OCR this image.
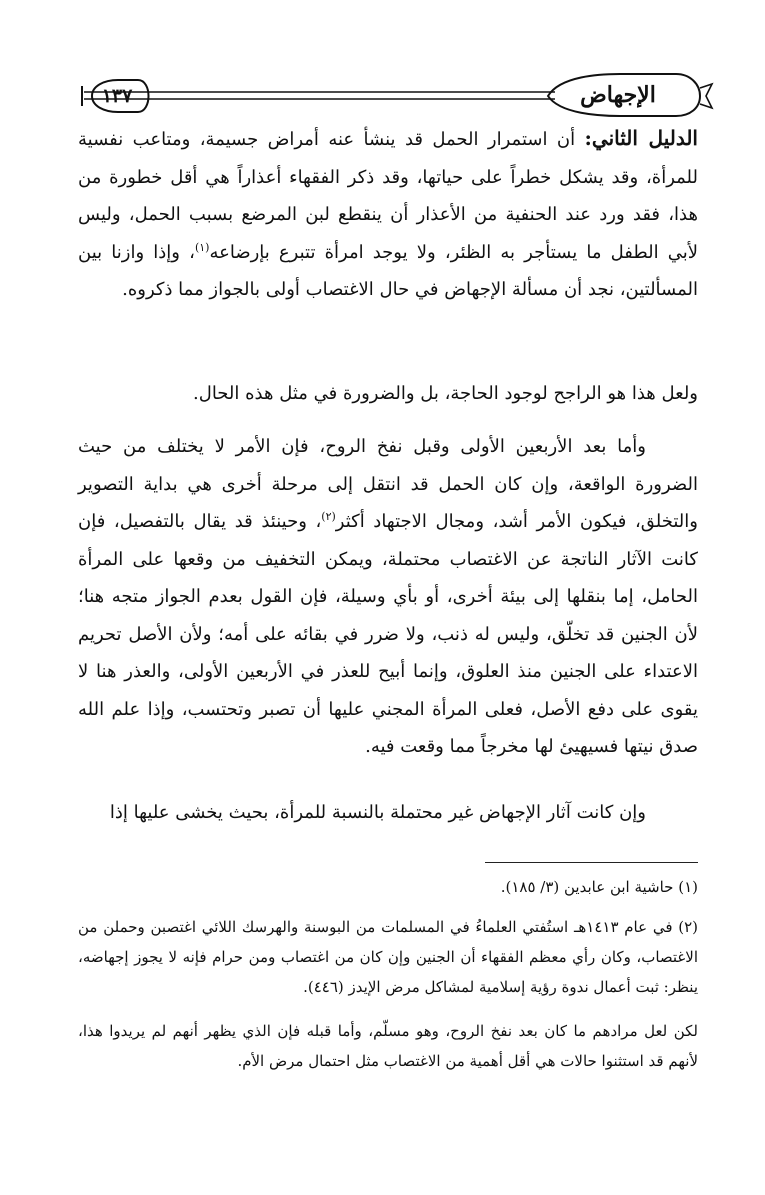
الإجهاض
١٣٧

الدليل الثاني: أن استمرار الحمل قد ينشأ عنه أمراض جسيمة، ومتاعب نفسية للمرأة، وقد يشكل خطراً على حياتها، وقد ذكر الفقهاء أعذاراً هي أقل خطورة من هذا، فقد ورد عند الحنفية من الأعذار أن ينقطع لبن المرضع بسبب الحمل، وليس لأبي الطفل ما يستأجر به الظئر، ولا يوجد امرأة تتبرع بإرضاعه$^{(١)}$، وإذا وازنا بين المسألتين، نجد أن مسألة الإجهاض في حال الاغتصاب أولى بالجواز مما ذكروه.

ولعل هذا هو الراجح لوجود الحاجة، بل والضرورة في مثل هذه الحال.

وأما بعد الأربعين الأولى وقبل نفخ الروح، فإن الأمر لا يختلف من حيث الضرورة الواقعة، وإن كان الحمل قد انتقل إلى مرحلة أخرى هي بداية التصوير والتخلق، فيكون الأمر أشد، ومجال الاجتهاد أكثر$^{(٢)}$، وحينئذ قد يقال بالتفصيل، فإن كانت الآثار الناتجة عن الاغتصاب محتملة، ويمكن التخفيف من وقعها على المرأة الحامل، إما بنقلها إلى بيئة أخرى، أو بأي وسيلة، فإن القول بعدم الجواز متجه هنا؛ لأن الجنين قد تخلّق، وليس له ذنب، ولا ضرر في بقائه على أمه؛ ولأن الأصل تحريم الاعتداء على الجنين منذ العلوق، وإنما أبيح للعذر في الأربعين الأولى، والعذر هنا لا يقوى على دفع الأصل، فعلى المرأة المجني عليها أن تصبر وتحتسب، وإذا علم الله صدق نيتها فسيهيئ لها مخرجاً مما وقعت فيه.

وإن كانت آثار الإجهاض غير محتملة بالنسبة للمرأة، بحيث يخشى عليها إذا

(١) حاشية ابن عابدين (٣/ ١٨٥).

(٢) في عام ١٤١٣هـ استُفتي العلماءُ في المسلمات من البوسنة والهرسك اللائي اغتصبن وحملن من الاغتصاب، وكان رأي معظم الفقهاء أن الجنين وإن كان من اغتصاب ومن حرام فإنه لا يجوز إجهاضه، ينظر: ثبت أعمال ندوة رؤية إسلامية لمشاكل مرض الإيدز (٤٤٦).

لكن لعل مرادهم ما كان بعد نفخ الروح، وهو مسلّم، وأما قبله فإن الذي يظهر أنهم لم يريدوا هذا، لأنهم قد استثنوا حالات هي أقل أهمية من الاغتصاب مثل احتمال مرض الأم.
